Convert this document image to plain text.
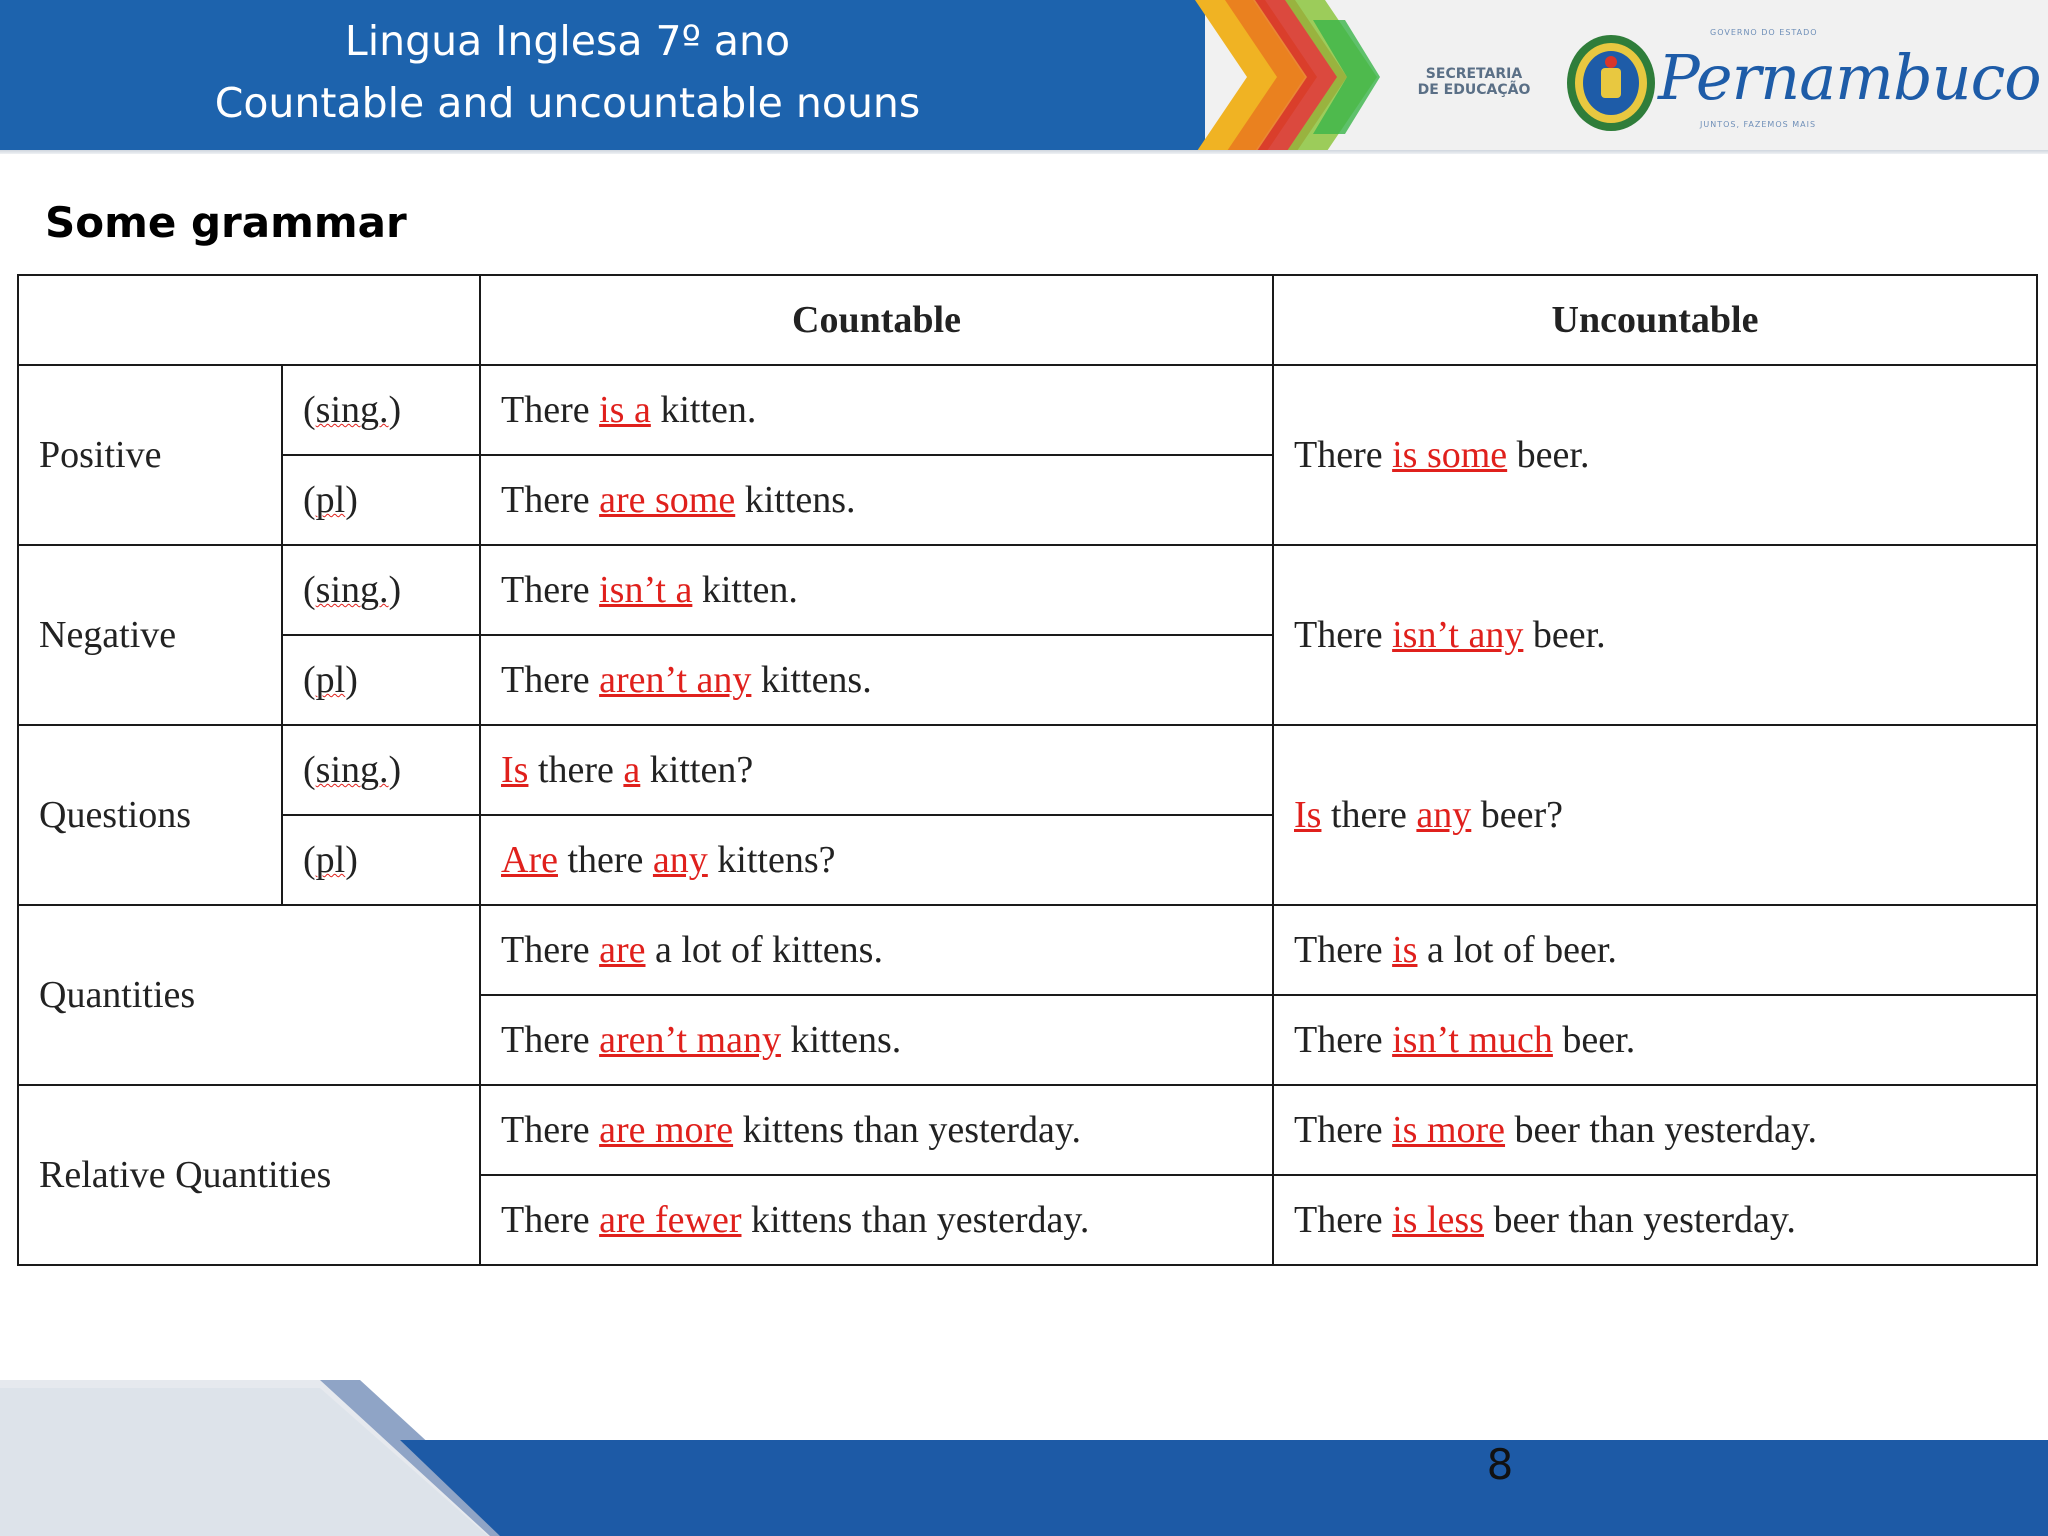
Lingua Inglesa 7º ano
Countable and uncountable nouns
SECRETARIA
DE EDUCAÇÃO
GOVERNO DO ESTADO
Pernambuco
JUNTOS, FAZEMOS MAIS
Some grammar
		Countable	Uncountable
Positive	(sing.)	There is a kitten.	There is some beer.
	(pl)	There are some kittens.	
Negative	(sing.)	There isn’t a kitten.	There isn’t any beer.
	(pl)	There aren’t any kittens.	
Questions	(sing.)	Is there a kitten?	Is there any beer?
	(pl)	Are there any kittens?	
Quantities		There are a lot of kittens.	There is a lot of beer.
		There aren’t many kittens.	There isn’t much beer.
Relative Quantities		There are more kittens than yesterday.	There is more beer than yesterday.
		There are fewer kittens than yesterday.	There is less beer than yesterday.
8
